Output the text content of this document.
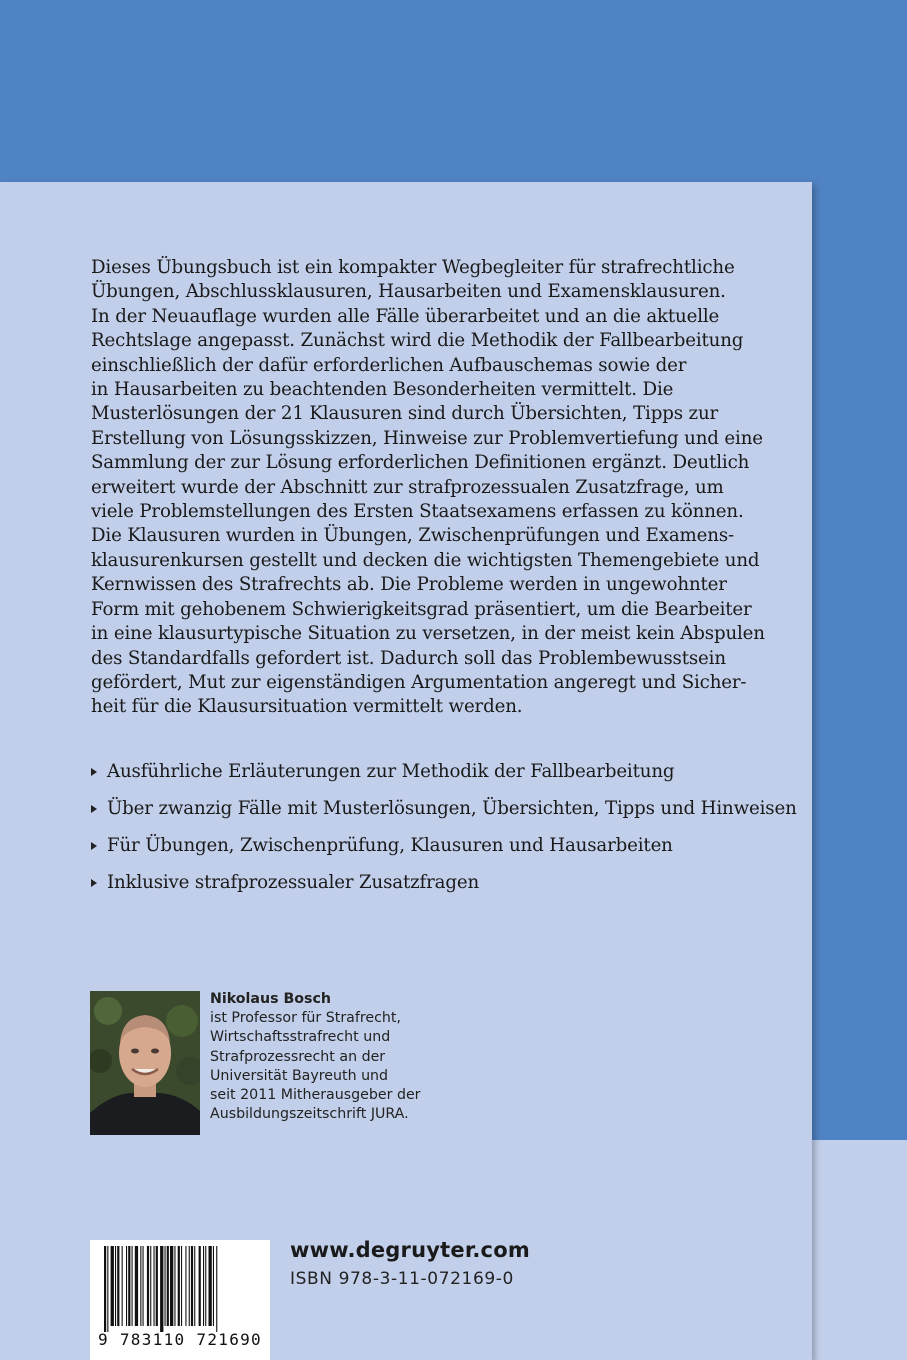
Dieses Übungsbuch ist ein kompakter Wegbegleiter für strafrechtliche
Übungen, Abschlussklausuren, Hausarbeiten und Examensklausuren.
In der Neuauflage wurden alle Fälle überarbeitet und an die aktuelle
Rechtslage angepasst. Zunächst wird die Methodik der Fallbearbeitung
einschließlich der dafür erforderlichen Aufbauschemas sowie der
in Hausarbeiten zu beachtenden Besonderheiten vermittelt. Die
Musterlösungen der 21 Klausuren sind durch Übersichten, Tipps zur
Erstellung von Lösungsskizzen, Hinweise zur Problemvertiefung und eine
Sammlung der zur Lösung erforderlichen Definitionen ergänzt. Deutlich
erweitert wurde der Abschnitt zur strafprozessualen Zusatzfrage, um
viele Problemstellungen des Ersten Staatsexamens erfassen zu können.
Die Klausuren wurden in Übungen, Zwischenprüfungen und Examens-
klausurenkursen gestellt und decken die wichtigsten Themengebiete und
Kernwissen des Strafrechts ab. Die Probleme werden in ungewohnter
Form mit gehobenem Schwierigkeitsgrad präsentiert, um die Bearbeiter
in eine klausurtypische Situation zu versetzen, in der meist kein Abspulen
des Standardfalls gefordert ist. Dadurch soll das Problembewusstsein
gefördert, Mut zur eigenständigen Argumentation angeregt und Sicher-
heit für die Klausursituation vermittelt werden.
Ausführliche Erläuterungen zur Methodik der Fallbearbeitung
Über zwanzig Fälle mit Musterlösungen, Übersichten, Tipps und Hinweisen
Für Übungen, Zwischenprüfung, Klausuren und Hausarbeiten
Inklusive strafprozessualer Zusatzfragen
Nikolaus Bosch
ist Professor für Strafrecht,
Wirtschaftsstrafrecht und
Strafprozessrecht an der
Universität Bayreuth und
seit 2011 Mitherausgeber der
Ausbildungszeitschrift JURA.
9 783110 721690
www.degruyter.com
ISBN 978-3-11-072169-0
